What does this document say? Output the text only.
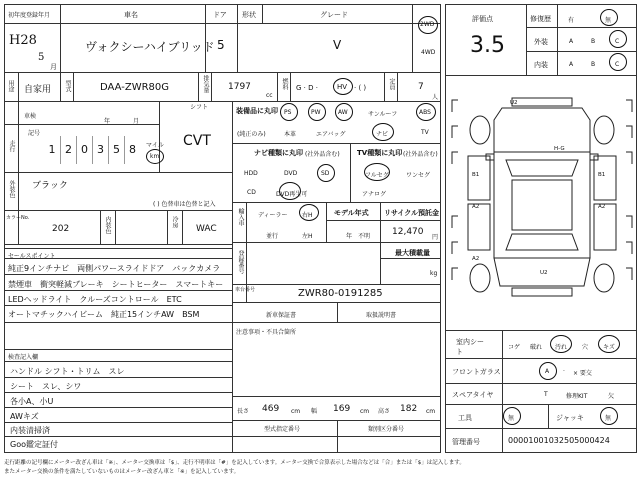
初年度登録年月	車名	ドア 形状	グレード
H28
5
月
ヴォクシーハイブリッド 5	V
2WD
4WD
用途 自家用 型式	DAA-ZWR80G	排気量 1797
cc
燃料 G · D ·	HV · ( )	定員	7
人
車検
年	月
記号
走行	1 2 0 3 5 8	マイル
km
シフト
CVT
装備品に丸印
(純正のみ)
PS	PW	AW	サンルーフ	ABS
本革	エアバッグ	ナビ	TV
ナビ種類に丸印 (社外品含む)
HDD	DVD	SD
CD	DVD再生可
TV種類に丸印 (社外品含む)
フルセグ	ワンセグ
アナログ
外装色 ブラック
( ) 色替車は色替と記入
カラーNo.
202	内装色	冷房
WAC
輸入車 ディーラー
並行
右H
左H
モデル年式
年　不明
リサイクル預託金
12,470
円
最大積載量
kg
登録番号
車台番号	ZWR80-0191285
新車保証書	取扱説明書
注意事項・不具合箇所
セールスポイント
純正9インチナビ　両側パワースライドドア　バックカメラ
禁煙車　衝突軽減ブレーキ　シートヒーター　スマートキー
LEDヘッドライト　クルーズコントロール　ETC
オートマチックハイビーム　純正15インチAW　BSM
検査記入欄
ハンドル シフト・トリム　スレ
シート　スレ、シワ
各小A、小U
AWキズ
内装清掃済
Goo鑑定証付
長さ 469 cm 幅 169 cm 高さ 182 cm
型式指定番号	類別区分番号
評価点
3.5
修復歴	有	無
外装	A	B	C
内装	A	B	C
U2
B1
H-G
B1
A2	A2
A2
U2
室内シート
コゲ 破れ 汚れ 穴 キズ
フロントガラス	A · × 要交
スペアタイヤ	T	修理KIT	欠
工具	無	ジャッキ	無
管理番号	00001001032505000424
走行距離の記号欄にメーター改ざん車は「※」、メーター交換車は「$」、走行不明車は「#」を記入しています。メーター交換で合算表示した場合などは「合」または「$」は記入します。
またメーター交換の条件を満たしていないものはメーター改ざん車と「※」を記入しています。
